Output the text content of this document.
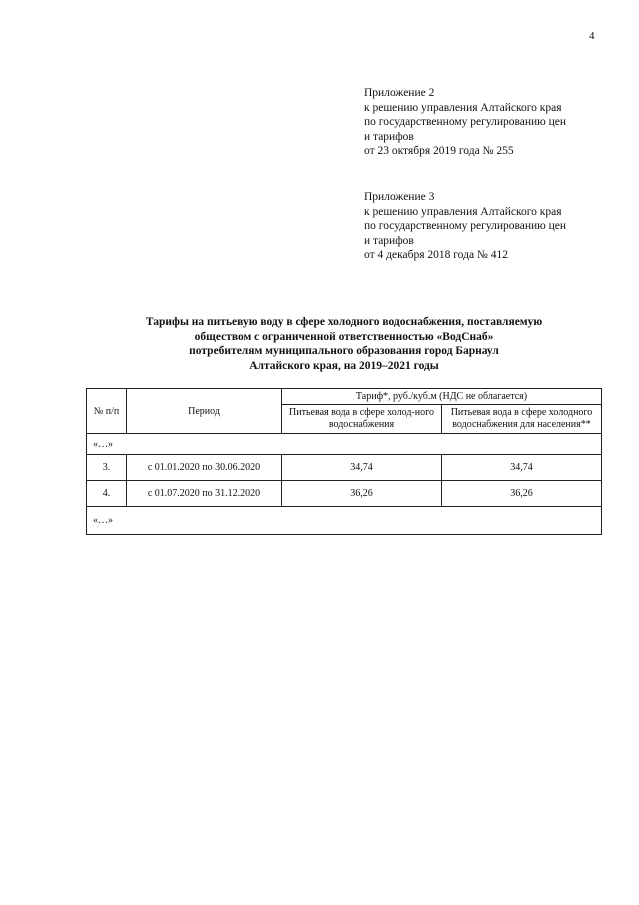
4
Приложение 2
к решению управления Алтайского края
по государственному регулированию цен
и тарифов
от 23 октября 2019 года № 255
Приложение 3
к решению управления Алтайского края
по государственному регулированию цен
и тарифов
от 4 декабря 2018 года № 412
Тарифы на питьевую воду в сфере холодного водоснабжения, поставляемую
обществом с ограниченной ответственностью «ВодСнаб»
потребителям муниципального образования город Барнаул
Алтайского края, на 2019–2021 годы
№ п/п	Период	Тариф*, руб./куб.м (НДС не облагается)	
		Питьевая вода в сфере холод-ного водоснабжения	Питьевая вода в сфере холодного водоснабжения для населения**
«…»			
3.	с 01.01.2020 по 30.06.2020	34,74	34,74
4.	с 01.07.2020 по 31.12.2020	36,26	36,26
«…»			
